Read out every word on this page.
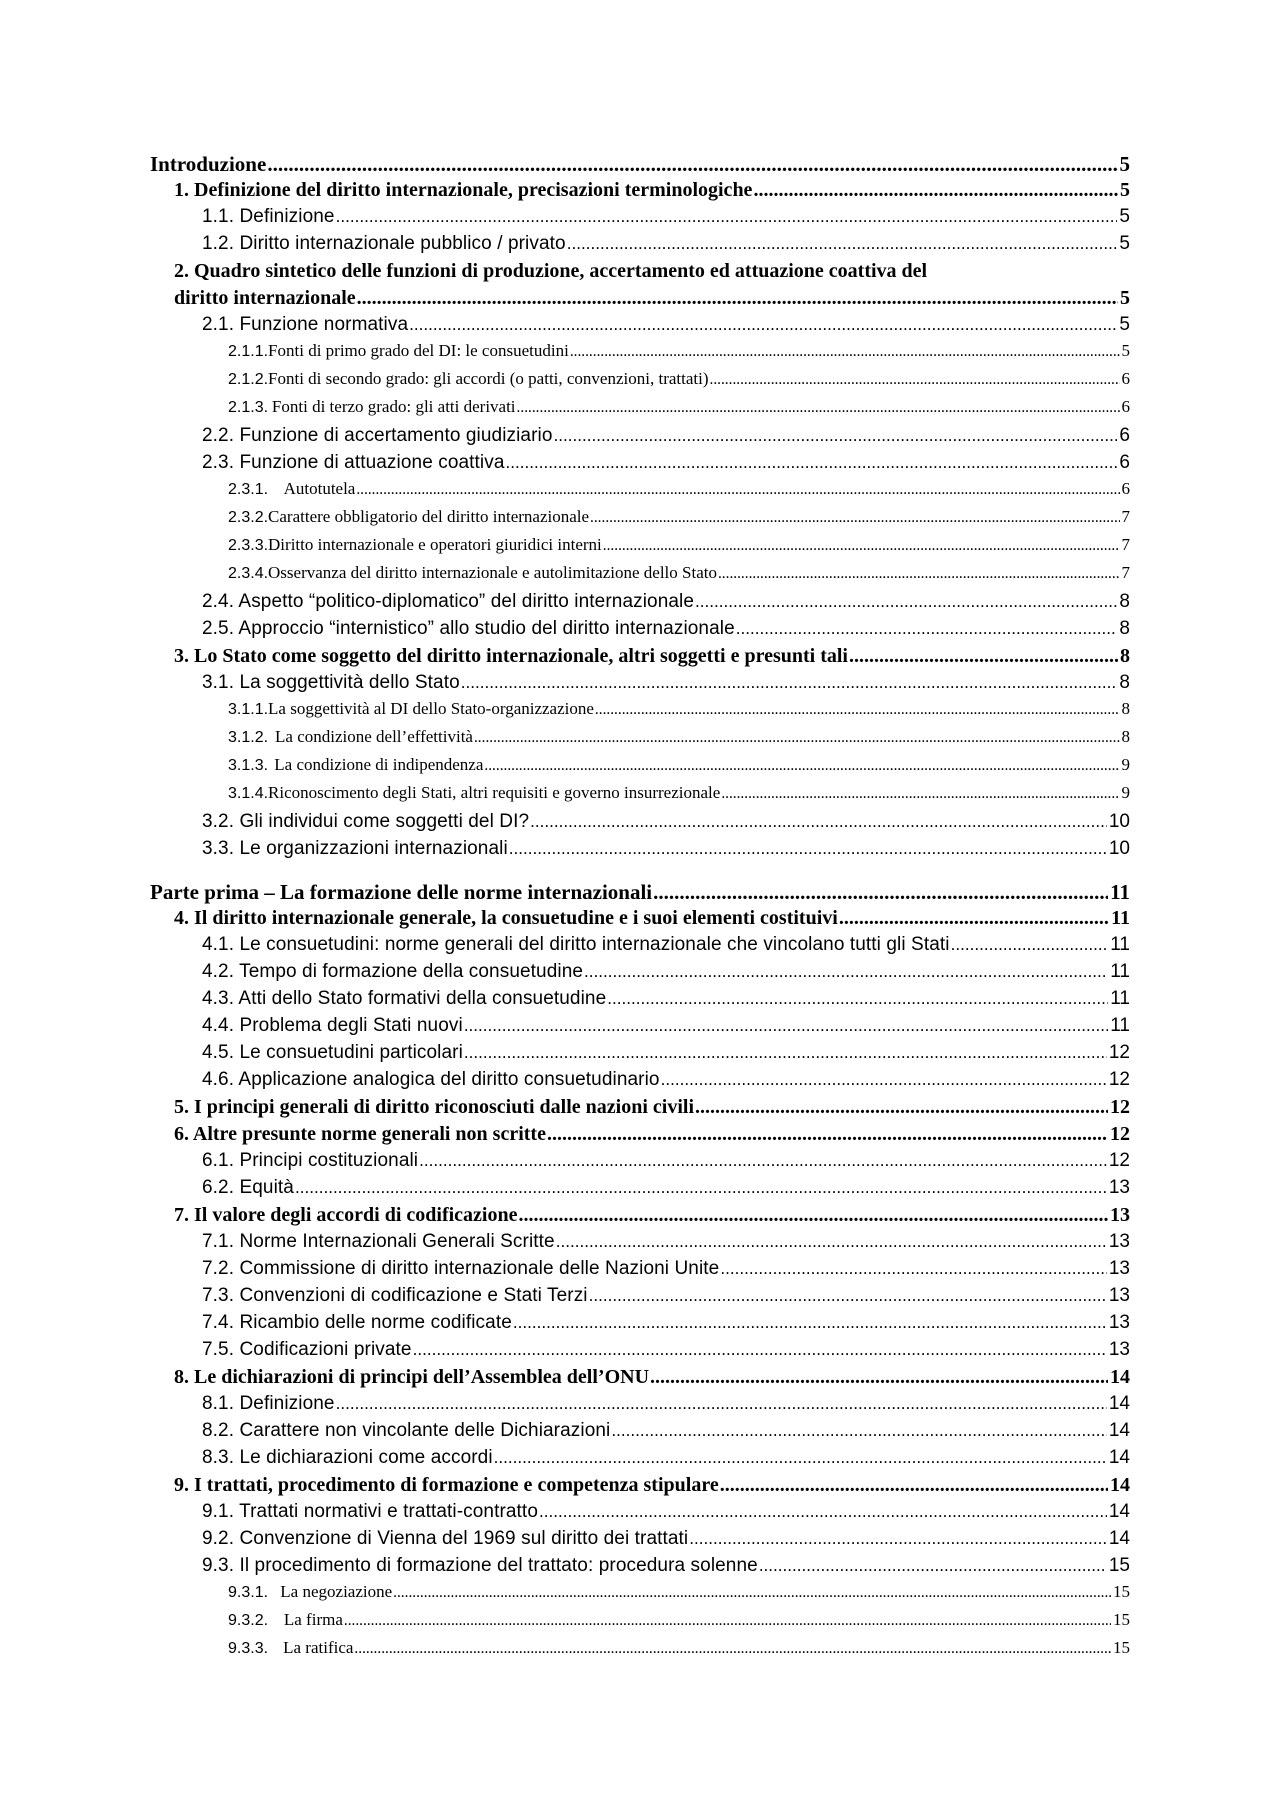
Introduzione .....	5
1. Definizione del diritto internazionale, precisazioni terminologiche .....	5
1.1. Definizione .....	5
1.2. Diritto internazionale pubblico / privato .....	5
2. Quadro sintetico delle funzioni di produzione, accertamento ed attuazione coattiva del
diritto internazionale .....	5
2.1. Funzione normativa .....	5
2.1.1. Fonti di primo grado del DI: le consuetudini .....	5
2.1.2. Fonti di secondo grado: gli accordi (o patti, convenzioni, trattati) .....	6
2.1.3. Fonti di terzo grado: gli atti derivati .....	6
2.2. Funzione di accertamento giudiziario .....	6
2.3. Funzione di attuazione coattiva .....	6
2.3.1. Autotutela .....	6
2.3.2. Carattere obbligatorio del diritto internazionale .....	7
2.3.3. Diritto internazionale e operatori giuridici interni .....	7
2.3.4. Osservanza del diritto internazionale e autolimitazione dello Stato .....	7
2.4. Aspetto “politico-diplomatico” del diritto internazionale .....	8
2.5. Approccio “internistico” allo studio del diritto internazionale .....	8
3. Lo Stato come soggetto del diritto internazionale, altri soggetti e presunti tali .....	8
3.1. La soggettività dello Stato .....	8
3.1.1. La soggettività al DI dello Stato-organizzazione .....	8
3.1.2. La condizione dell’effettività .....	8
3.1.3. La condizione di indipendenza .....	9
3.1.4. Riconoscimento degli Stati, altri requisiti e governo insurrezionale .....	9
3.2. Gli individui come soggetti del DI? .....	10
3.3. Le organizzazioni internazionali .....	10
Parte prima – La formazione delle norme internazionali .....	11
4. Il diritto internazionale generale, la consuetudine e i suoi elementi costituivi .....	11
4.1. Le consuetudini: norme generali del diritto internazionale che vincolano tutti gli Stati .....	11
4.2. Tempo di formazione della consuetudine .....	11
4.3. Atti dello Stato formativi della consuetudine .....	11
4.4. Problema degli Stati nuovi .....	11
4.5. Le consuetudini particolari .....	12
4.6. Applicazione analogica del diritto consuetudinario .....	12
5. I principi generali di diritto riconosciuti dalle nazioni civili .....	12
6. Altre presunte norme generali non scritte .....	12
6.1. Principi costituzionali .....	12
6.2. Equità .....	13
7. Il valore degli accordi di codificazione .....	13
7.1. Norme Internazionali Generali Scritte .....	13
7.2. Commissione di diritto internazionale delle Nazioni Unite .....	13
7.3. Convenzioni di codificazione e Stati Terzi .....	13
7.4. Ricambio delle norme codificate .....	13
7.5. Codificazioni private .....	13
8. Le dichiarazioni di principi dell’Assemblea dell’ONU .....	14
8.1. Definizione .....	14
8.2. Carattere non vincolante delle Dichiarazioni .....	14
8.3. Le dichiarazioni come accordi .....	14
9. I trattati, procedimento di formazione e competenza stipulare .....	14
9.1. Trattati normativi e trattati-contratto .....	14
9.2. Convenzione di Vienna del 1969 sul diritto dei trattati .....	14
9.3. Il procedimento di formazione del trattato: procedura solenne .....	15
9.3.1. La negoziazione .....	15
9.3.2. La firma .....	15
9.3.3. La ratifica .....	15
